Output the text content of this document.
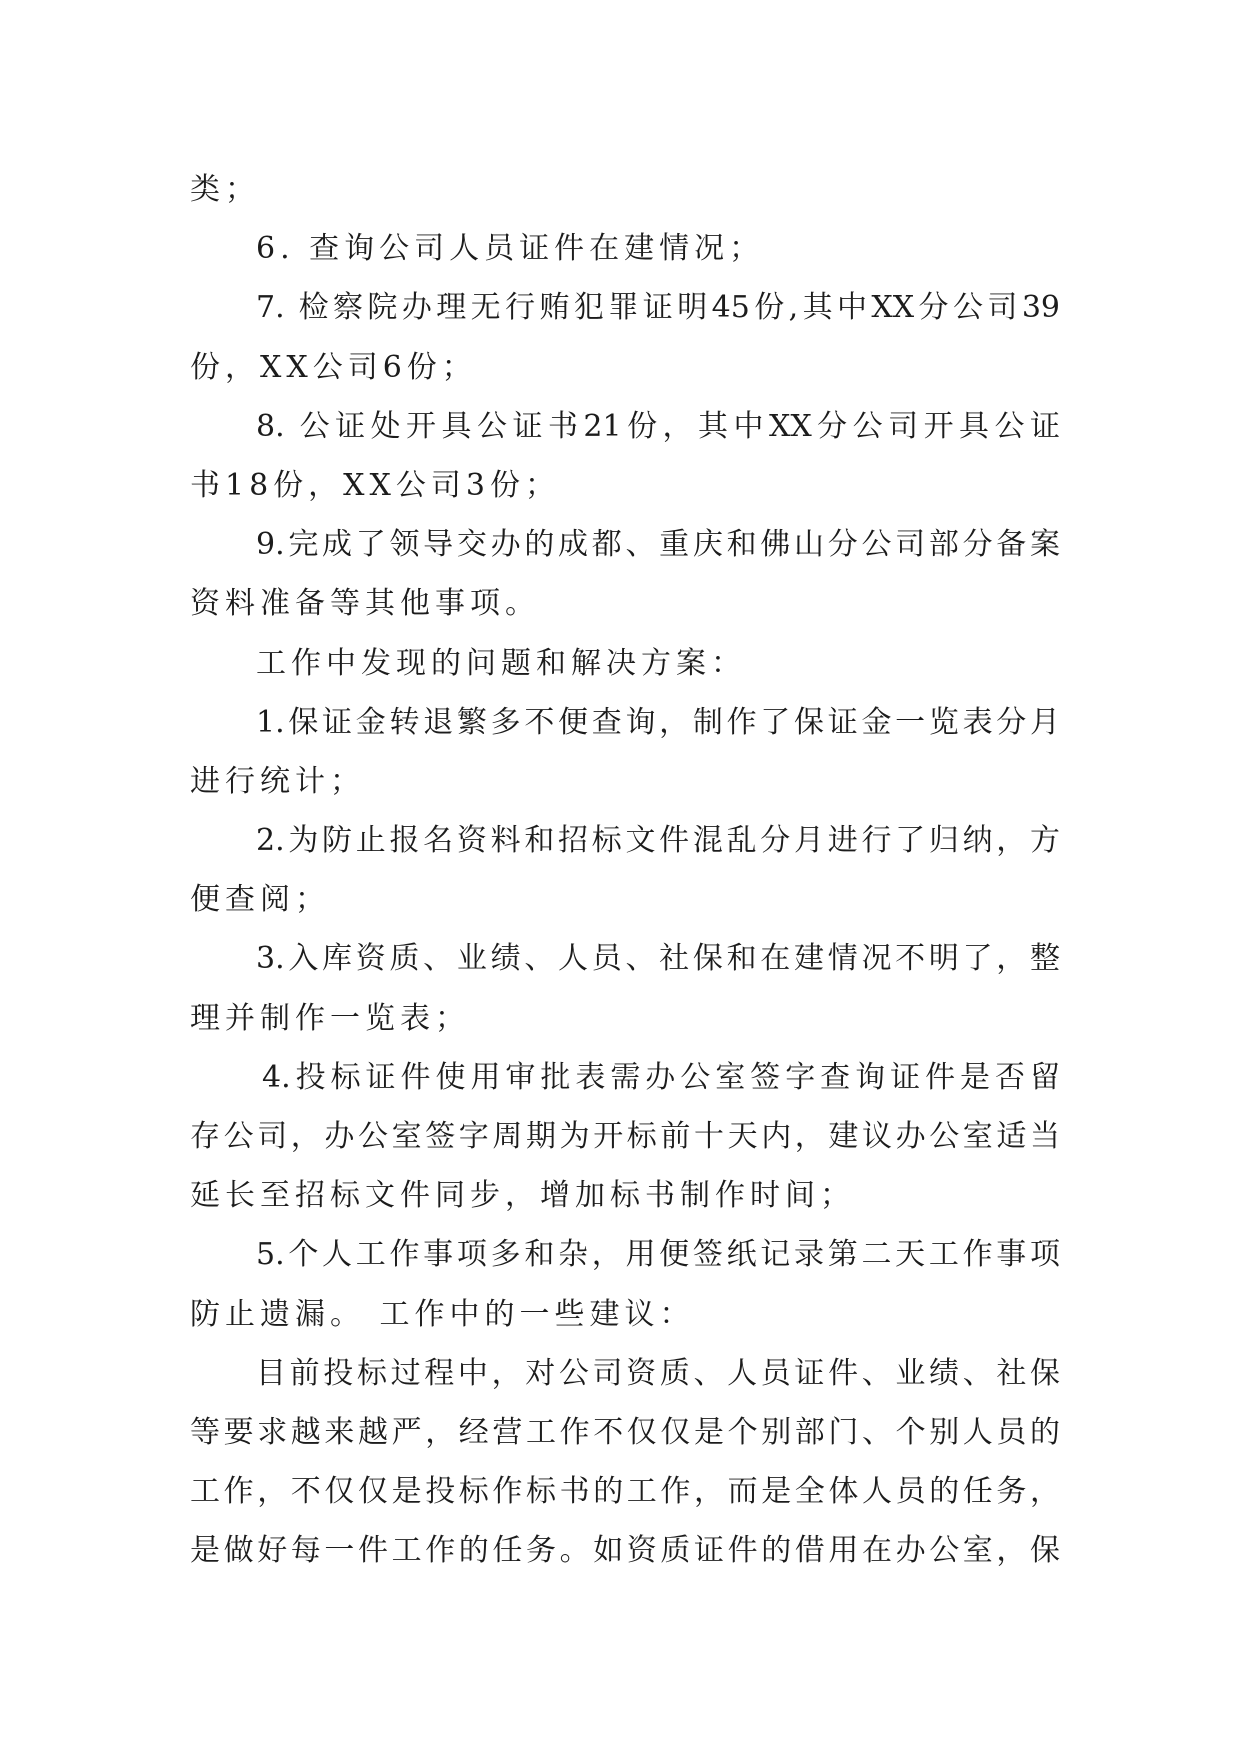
类；
6. 查询公司人员证件在建情况；
7. 检察院办理无行贿犯罪证明45份,其中XX分公司39
份，XX公司6份；
8. 公证处开具公证书21份，其中XX分公司开具公证
书18份，XX公司3份；
9.完成了领导交办的成都、重庆和佛山分公司部分备案
资料准备等其他事项。
工作中发现的问题和解决方案：
1.保证金转退繁多不便查询，制作了保证金一览表分月
进行统计；
2.为防止报名资料和招标文件混乱分月进行了归纳，方
便查阅；
3.入库资质、业绩、人员、社保和在建情况不明了，整
理并制作一览表；
4.投标证件使用审批表需办公室签字查询证件是否留
存公司，办公室签字周期为开标前十天内，建议办公室适当
延长至招标文件同步，增加标书制作时间；
5.个人工作事项多和杂，用便签纸记录第二天工作事项
防止遗漏。 工作中的一些建议：
目前投标过程中，对公司资质、人员证件、业绩、社保
等要求越来越严，经营工作不仅仅是个别部门、个别人员的
工作，不仅仅是投标作标书的工作，而是全体人员的任务，
是做好每一件工作的任务。如资质证件的借用在办公室，保
